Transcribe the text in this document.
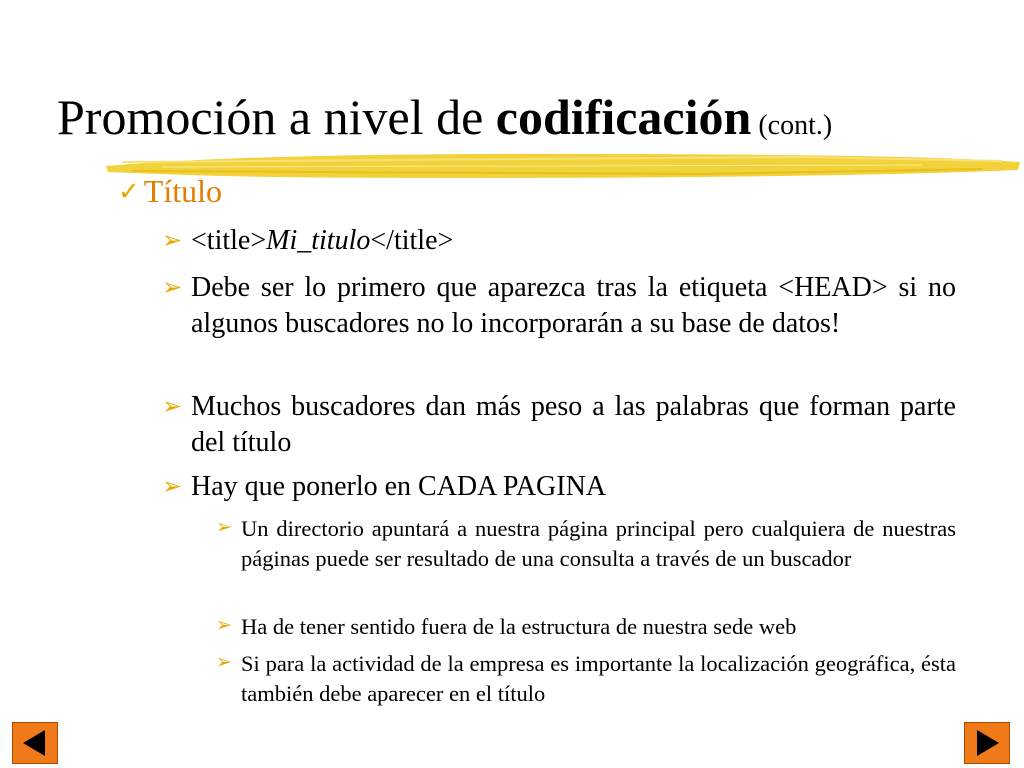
Promoción a nivel de codificación (cont.)
✓ Título
➢ <title>Mi_titulo</title>
➢ Debe ser lo primero que aparezca tras la etiqueta <HEAD> si no algunos buscadores no lo incorporarán a su base de datos!
➢ Muchos buscadores dan más peso a las palabras que forman parte del título
➢ Hay que ponerlo en CADA PAGINA
➢ Un directorio apuntará a nuestra página principal pero cualquiera de nuestras páginas puede ser resultado de una consulta a través de un buscador
➢ Ha de tener sentido fuera de la estructura de nuestra sede web
➢ Si para la actividad de la empresa es importante la localización geográfica, ésta también debe aparecer en el título
